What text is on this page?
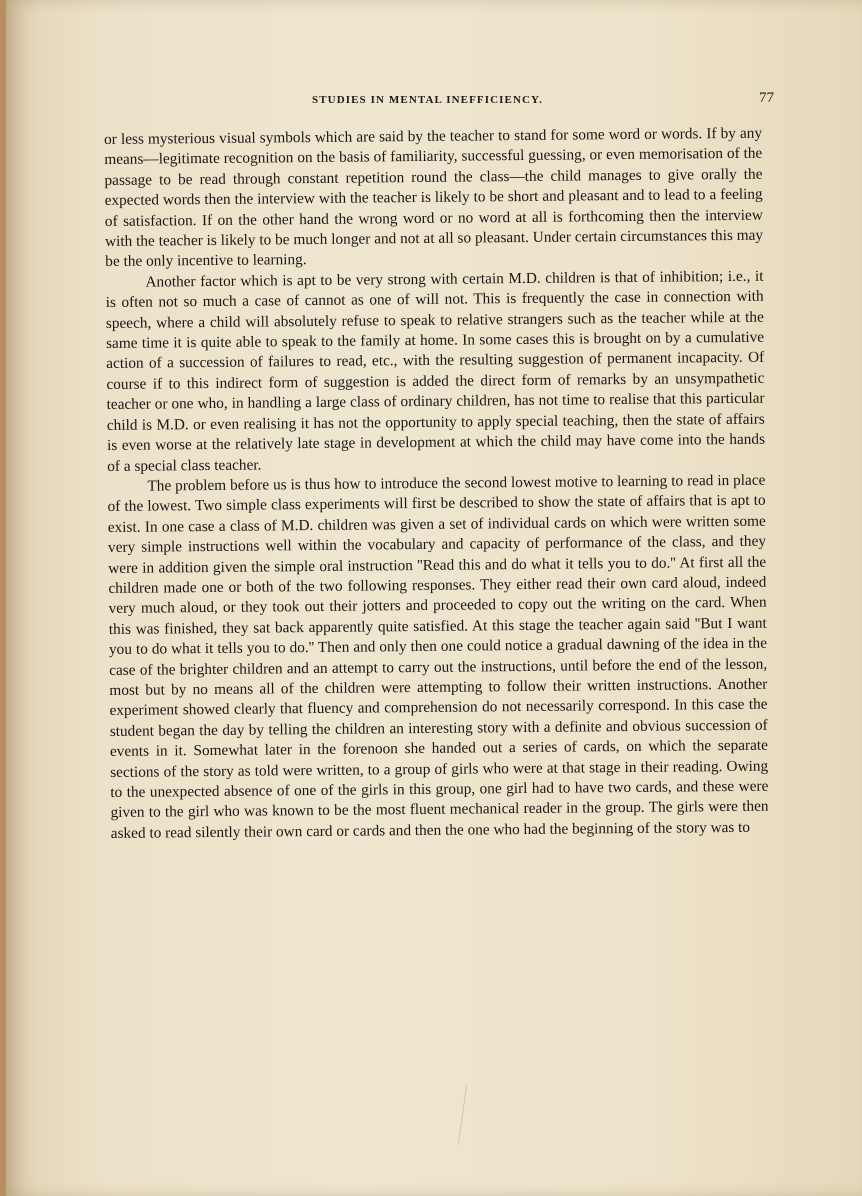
STUDIES IN MENTAL INEFFICIENCY.	77

or less mysterious visual symbols which are said by the teacher to stand for some word or words. If by any means—legitimate recognition on the basis of familiarity, successful guessing, or even memorisation of the passage to be read through constant repetition round the class—the child manages to give orally the expected words then the interview with the teacher is likely to be short and pleasant and to lead to a feeling of satisfaction. If on the other hand the wrong word or no word at all is forthcoming then the interview with the teacher is likely to be much longer and not at all so pleasant. Under certain circumstances this may be the only incentive to learning.

Another factor which is apt to be very strong with certain M.D. children is that of inhibition; i.e., it is often not so much a case of cannot as one of will not. This is frequently the case in connection with speech, where a child will absolutely refuse to speak to relative strangers such as the teacher while at the same time it is quite able to speak to the family at home. In some cases this is brought on by a cumulative action of a succession of failures to read, etc., with the resulting suggestion of permanent incapacity. Of course if to this indirect form of suggestion is added the direct form of remarks by an unsympathetic teacher or one who, in handling a large class of ordinary children, has not time to realise that this particular child is M.D. or even realising it has not the opportunity to apply special teaching, then the state of affairs is even worse at the relatively late stage in development at which the child may have come into the hands of a special class teacher.

The problem before us is thus how to introduce the second lowest motive to learning to read in place of the lowest. Two simple class experiments will first be described to show the state of affairs that is apt to exist. In one case a class of M.D. children was given a set of individual cards on which were written some very simple instructions well within the vocabulary and capacity of performance of the class, and they were in addition given the simple oral instruction ''Read this and do what it tells you to do.'' At first all the children made one or both of the two following responses. They either read their own card aloud, indeed very much aloud, or they took out their jotters and proceeded to copy out the writing on the card. When this was finished, they sat back apparently quite satisfied. At this stage the teacher again said ''But I want you to do what it tells you to do.'' Then and only then one could notice a gradual dawning of the idea in the case of the brighter children and an attempt to carry out the instructions, until before the end of the lesson, most but by no means all of the children were attempting to follow their written instructions. Another experiment showed clearly that fluency and comprehension do not necessarily correspond. In this case the student began the day by telling the children an interesting story with a definite and obvious succession of events in it. Somewhat later in the forenoon she handed out a series of cards, on which the separate sections of the story as told were written, to a group of girls who were at that stage in their reading. Owing to the unexpected absence of one of the girls in this group, one girl had to have two cards, and these were given to the girl who was known to be the most fluent mechanical reader in the group. The girls were then asked to read silently their own card or cards and then the one who had the beginning of the story was to
